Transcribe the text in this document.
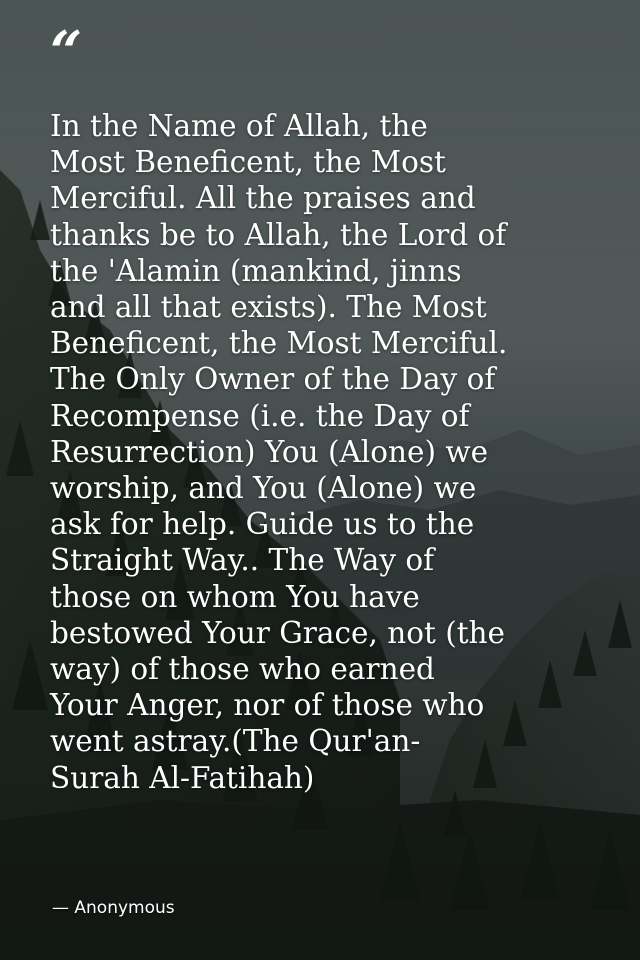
“

In the Name of Allah, the
Most Beneficent, the Most
Merciful. All the praises and
thanks be to Allah, the Lord of
the 'Alamin (mankind, jinns
and all that exists). The Most
Beneficent, the Most Merciful.
The Only Owner of the Day of
Recompense (i.e. the Day of
Resurrection) You (Alone) we
worship, and You (Alone) we
ask for help. Guide us to the
Straight Way.. The Way of
those on whom You have
bestowed Your Grace, not (the
way) of those who earned
Your Anger, nor of those who
went astray.(The Qur'an-
Surah Al-Fatihah)

— Anonymous
